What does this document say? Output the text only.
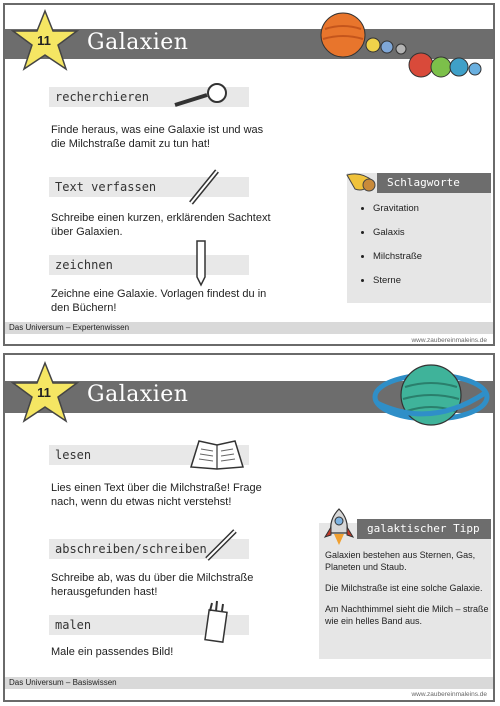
Galaxien
11
recherchieren
Finde heraus, was eine Galaxie ist und was die Milchstraße damit zu tun hat!
Text verfassen
Schreibe einen kurzen, erklärenden Sachtext über Galaxien.
zeichnen
Zeichne eine Galaxie. Vorlagen findest du in den Büchern!
Schlagworte
• Gravitation
• Galaxis
• Milchstraße
• Sterne
Das Universum – Expertenwissen
www.zaubereinmaleins.de
Galaxien
11
lesen
Lies einen Text über die Milchstraße! Frage nach, wenn du etwas nicht verstehst!
abschreiben/schreiben
Schreibe ab, was du über die Milchstraße herausgefunden hast!
malen
Male ein passendes Bild!
galaktischer Tipp

Galaxien bestehen aus Sternen, Gas, Planeten und Staub.

Die Milchstraße ist eine solche Galaxie.

Am Nachthimmel sieht die Milch – straße wie ein helles Band aus.

Das Universum – Basiswissen
www.zaubereinmaleins.de
